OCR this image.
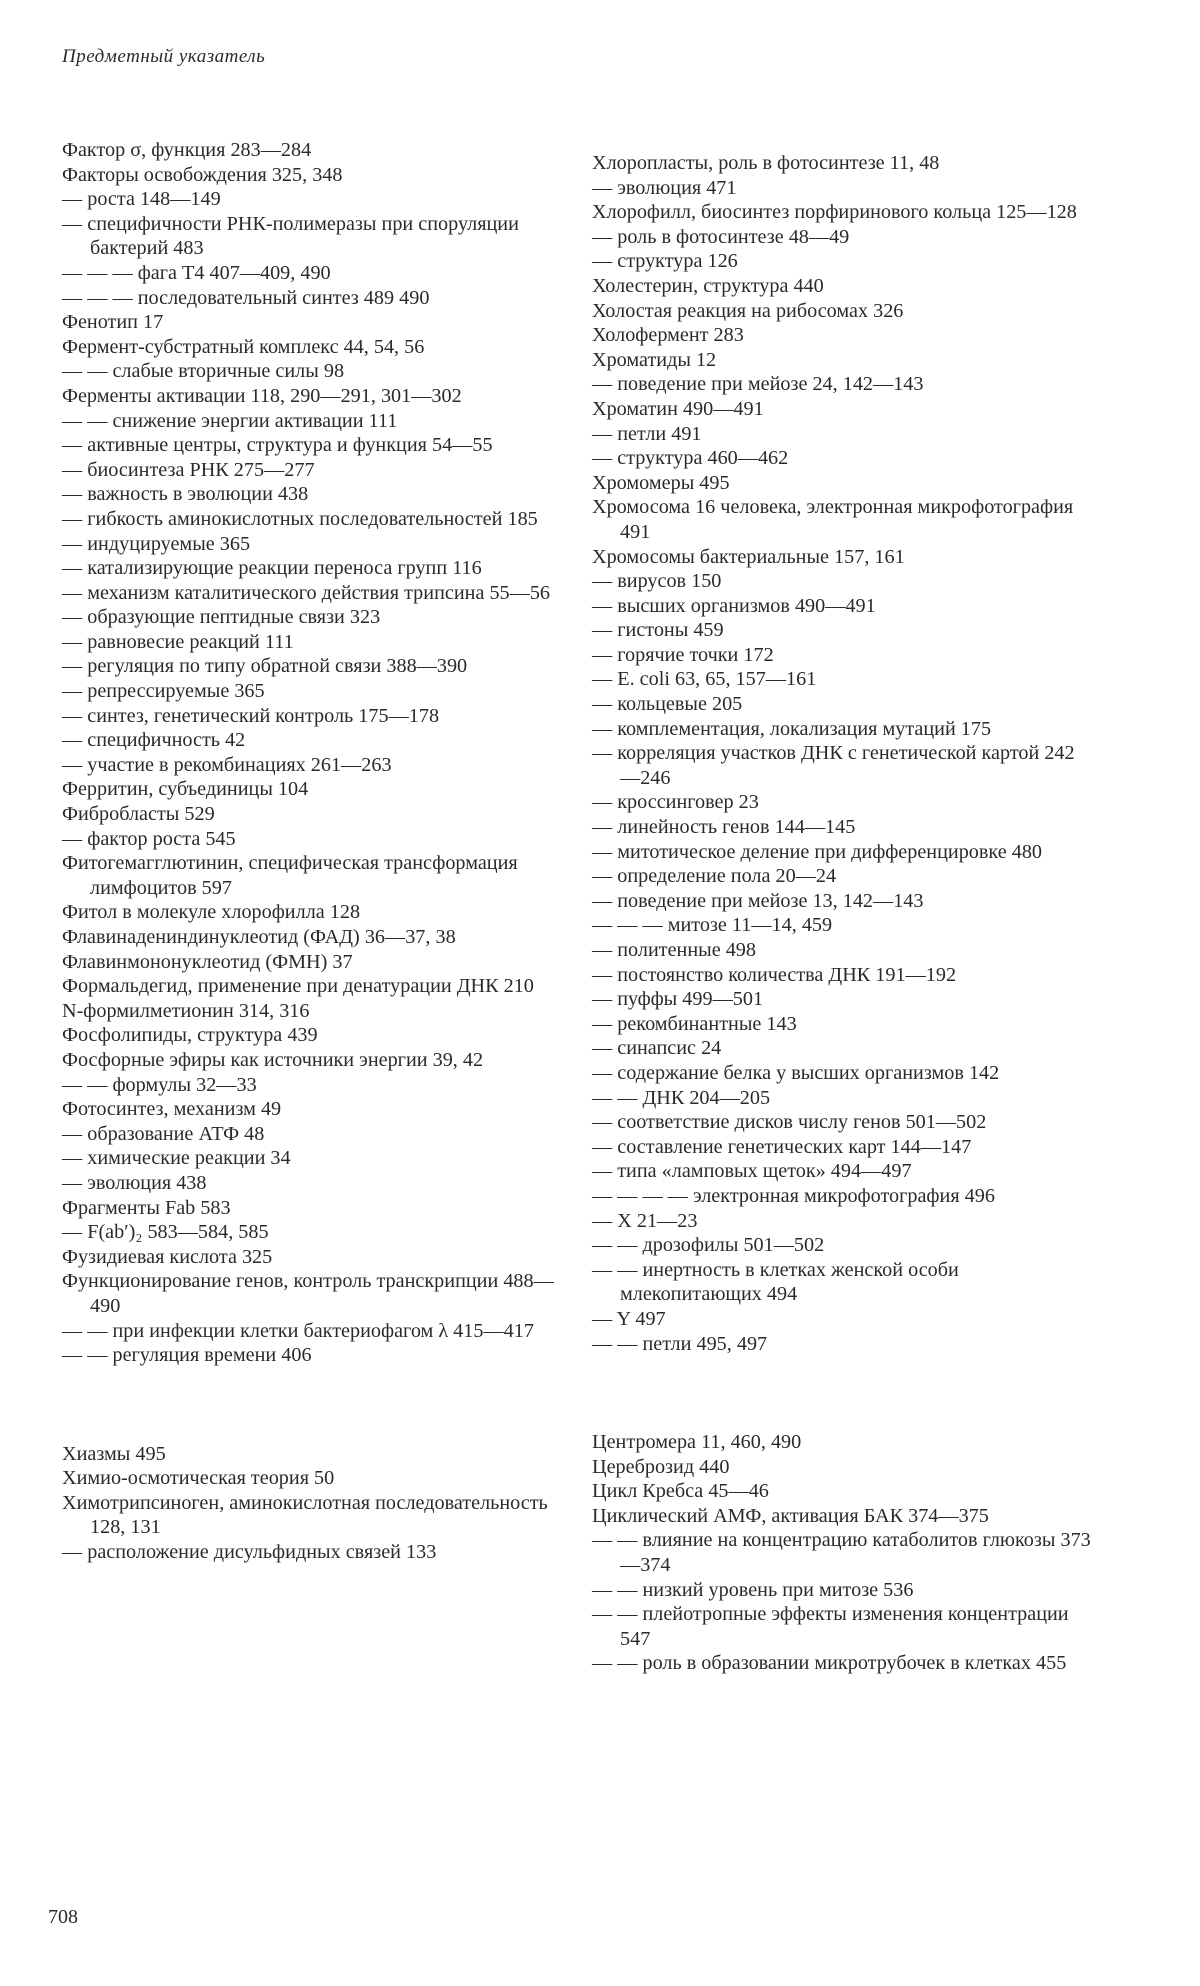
Предметный указатель
Фактор σ, функция 283—284
Факторы освобождения 325, 348
— роста 148—149
— специфичности РНК-полимеразы при споруляции бактерий 483
— — — фага Т4 407—409, 490
— — — последовательный синтез 489 490
Фенотип 17
Фермент-субстратный комплекс 44, 54, 56
— — слабые вторичные силы 98
Ферменты активации 118, 290—291, 301—302
— — снижение энергии активации 111
— активные центры, структура и функция 54—55
— биосинтеза РНК 275—277
— важность в эволюции 438
— гибкость аминокислотных последовательностей 185
— индуцируемые 365
— катализирующие реакции переноса групп 116
— механизм каталитического действия трипсина 55—56
— образующие пептидные связи 323
— равновесие реакций 111
— регуляция по типу обратной связи 388—390
— репрессируемые 365
— синтез, генетический контроль 175—178
— специфичность 42
— участие в рекомбинациях 261—263
Ферритин, субъединицы 104
Фибробласты 529
— фактор роста 545
Фитогемагглютинин, специфическая трансформация лимфоцитов 597
Фитол в молекуле хлорофилла 128
Флавинадениндинуклеотид (ФАД) 36—37, 38
Флавинмононуклеотид (ФМН) 37
Формальдегид, применение при денатурации ДНК 210
N-формилметионин 314, 316
Фосфолипиды, структура 439
Фосфорные эфиры как источники энергии 39, 42
— — формулы 32—33
Фотосинтез, механизм 49
— образование АТФ 48
— химические реакции 34
— эволюция 438
Фрагменты Fab 583
— F(ab′)₂ 583—584, 585
Фузидиевая кислота 325
Функционирование генов, контроль транскрипции 488—490
— — при инфекции клетки бактериофагом λ 415—417
— — регуляция времени 406
Хиазмы 495
Химио-осмотическая теория 50
Химотрипсиноген, аминокислотная последовательность 128, 131
— расположение дисульфидных связей 133
Хлоропласты, роль в фотосинтезе 11, 48
— эволюция 471
Хлорофилл, биосинтез порфиринового кольца 125—128
— роль в фотосинтезе 48—49
— структура 126
Холестерин, структура 440
Холостая реакция на рибосомах 326
Холофермент 283
Хроматиды 12
— поведение при мейозе 24, 142—143
Хроматин 490—491
— петли 491
— структура 460—462
Хромомеры 495
Хромосома 16 человека, электронная микрофотография 491
Хромосомы бактериальные 157, 161
— вирусов 150
— высших организмов 490—491
— гистоны 459
— горячие точки 172
— E. coli 63, 65, 157—161
— кольцевые 205
— комплементация, локализация мутаций 175
— корреляция участков ДНК с генетической картой 242—246
— кроссинговер 23
— линейность генов 144—145
— митотическое деление при дифференцировке 480
— определение пола 20—24
— поведение при мейозе 13, 142—143
— — — митозе 11—14, 459
— политенные 498
— постоянство количества ДНК 191—192
— пуффы 499—501
— рекомбинантные 143
— синапсис 24
— содержание белка у высших организмов 142
— — ДНК 204—205
— соответствие дисков числу генов 501—502
— составление генетических карт 144—147
— типа «ламповых щеток» 494—497
— — — — электронная микрофотография 496
— X 21—23
— — дрозофилы 501—502
— — инертность в клетках женской особи млекопитающих 494
— Y 497
— — петли 495, 497
Центромера 11, 460, 490
Цереброзид 440
Цикл Кребса 45—46
Циклический АМФ, активация БАК 374—375
— — влияние на концентрацию катаболитов глюкозы 373—374
— — низкий уровень при митозе 536
— — плейотропные эффекты изменения концентрации 547
— — роль в образовании микротрубочек в клетках 455
708
